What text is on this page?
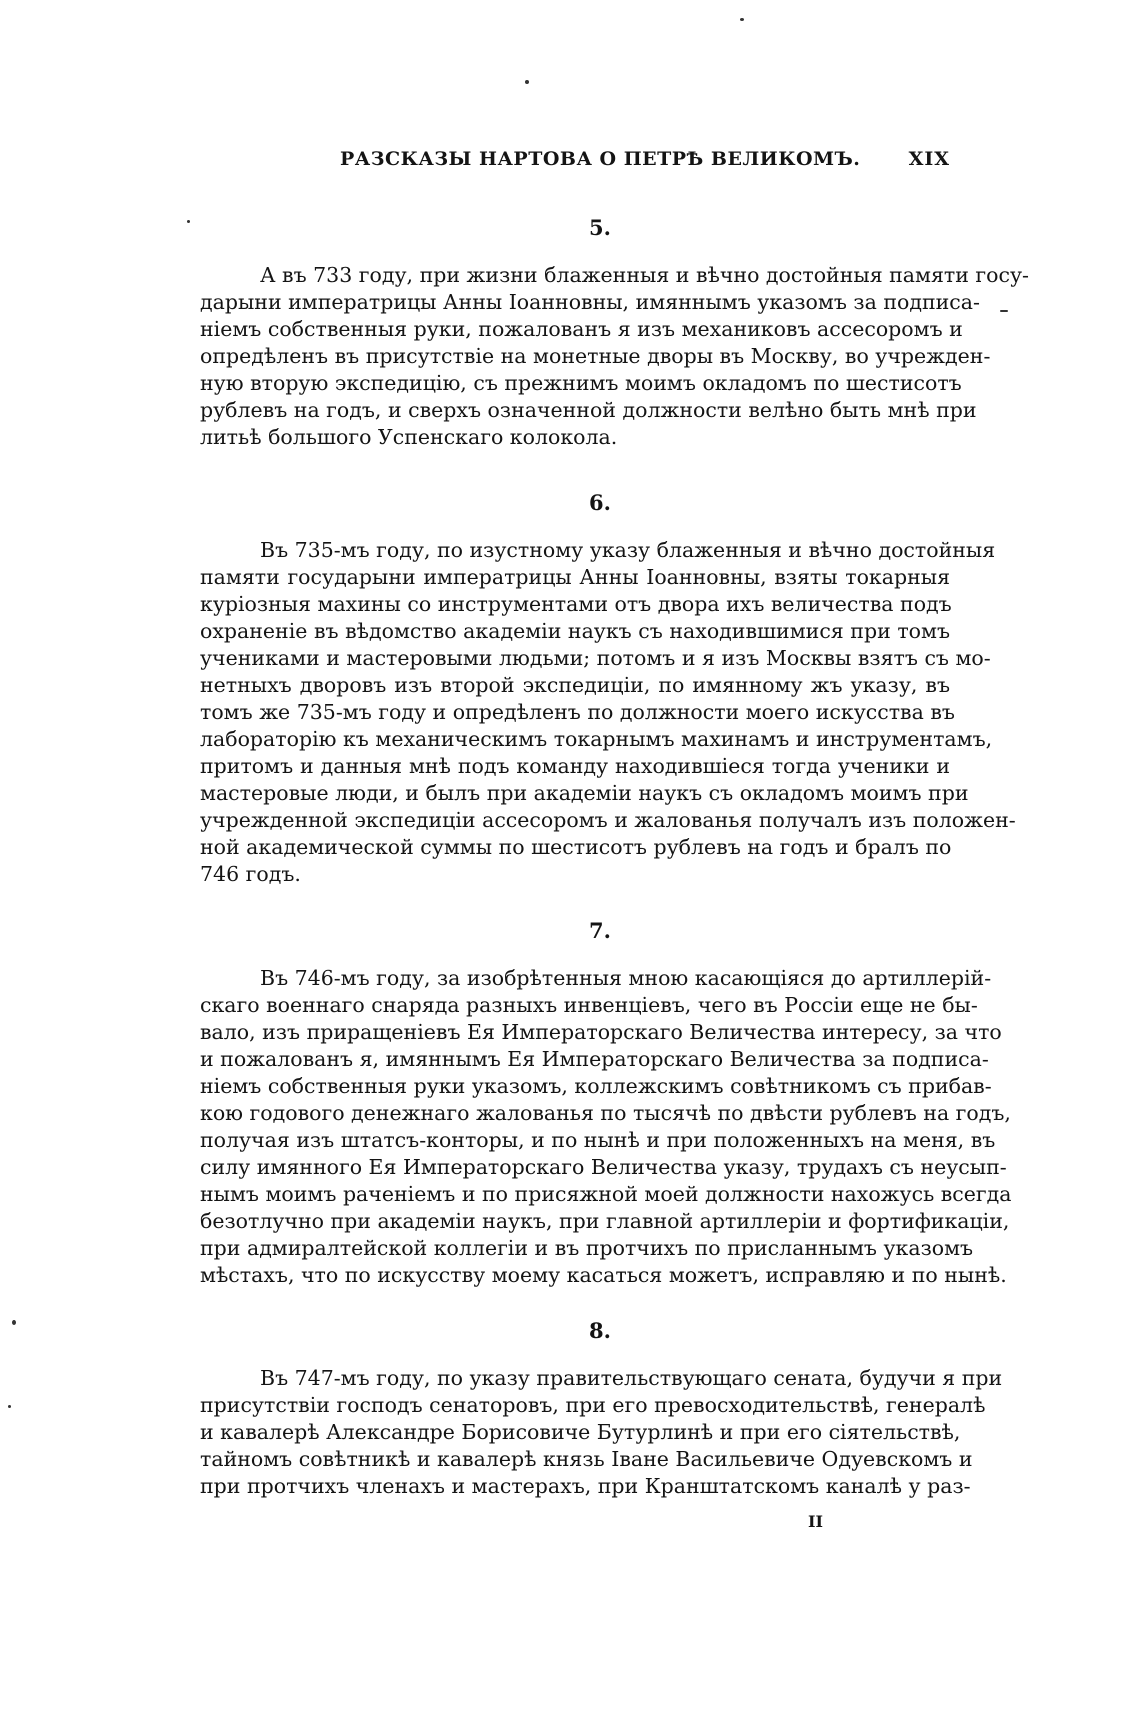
РАЗСКАЗЫ НАРТОВА О ПЕТРѢ ВЕЛИКОМЪ.	XIX
5.

А въ 733 году, при жизни блаженныя и вѣчно достойныя памяти госу-
дарыни императрицы Анны Іоанновны, имяннымъ указомъ за подписа-
ніемъ собственныя руки, пожалованъ я изъ механиковъ ассесоромъ и
опредѣленъ въ присутствіе на монетные дворы въ Москву, во учрежден-
ную вторую экспедицію, съ прежнимъ моимъ окладомъ по шестисотъ
рублевъ на годъ, и сверхъ означенной должности велѣно быть мнѣ при
литьѣ большого Успенскаго колокола.

6.

Въ 735-мъ году, по изустному указу блаженныя и вѣчно достойныя
памяти государыни императрицы Анны Іоанновны, взяты токарныя
куріозныя махины со инструментами отъ двора ихъ величества подъ
охраненіе въ вѣдомство академіи наукъ съ находившимися при томъ
учениками и мастеровыми людьми; потомъ и я изъ Москвы взятъ съ мо-
нетныхъ дворовъ изъ второй экспедиціи, по имянному жъ указу, въ
томъ же 735-мъ году и опредѣленъ по должности моего искусства въ
лабораторію къ механическимъ токарнымъ махинамъ и инструментамъ,
притомъ и данныя мнѣ подъ команду находившіеся тогда ученики и
мастеровые люди, и былъ при академіи наукъ съ окладомъ моимъ при
учрежденной экспедиціи ассесоромъ и жалованья получалъ изъ положен-
ной академической суммы по шестисотъ рублевъ на годъ и бралъ по
746 годъ.

7.

Въ 746-мъ году, за изобрѣтенныя мною касающіяся до артиллерій-
скаго военнаго снаряда разныхъ инвенціевъ, чего въ Россіи еще не бы-
вало, изъ приращеніевъ Ея Императорскаго Величества интересу, за что
и пожалованъ я, имяннымъ Ея Императорскаго Величества за подписа-
ніемъ собственныя руки указомъ, коллежскимъ совѣтникомъ съ прибав-
кою годового денежнаго жалованья по тысячѣ по двѣсти рублевъ на годъ,
получая изъ штатсъ-конторы, и по нынѣ и при положенныхъ на меня, въ
силу имянного Ея Императорскаго Величества указу, трудахъ съ неусып-
нымъ моимъ раченіемъ и по присяжной моей должности нахожусь всегда
безотлучно при академіи наукъ, при главной артиллеріи и фортификаціи,
при адмиралтейской коллегіи и въ протчихъ по присланнымъ указомъ
мѣстахъ, что по искусству моему касаться можетъ, исправляю и по нынѣ.

8.

Въ 747-мъ году, по указу правительствующаго сената, будучи я при
присутствіи господъ сенаторовъ, при его превосходительствѣ, генералѣ
и кавалерѣ Александре Борисовиче Бутурлинѣ и при его сіятельствѣ,
тайномъ совѣтникѣ и кавалерѣ князь Іване Васильевиче Одуевскомъ и
при протчихъ членахъ и мастерахъ, при Кранштатскомъ каналѣ у раз-

II
